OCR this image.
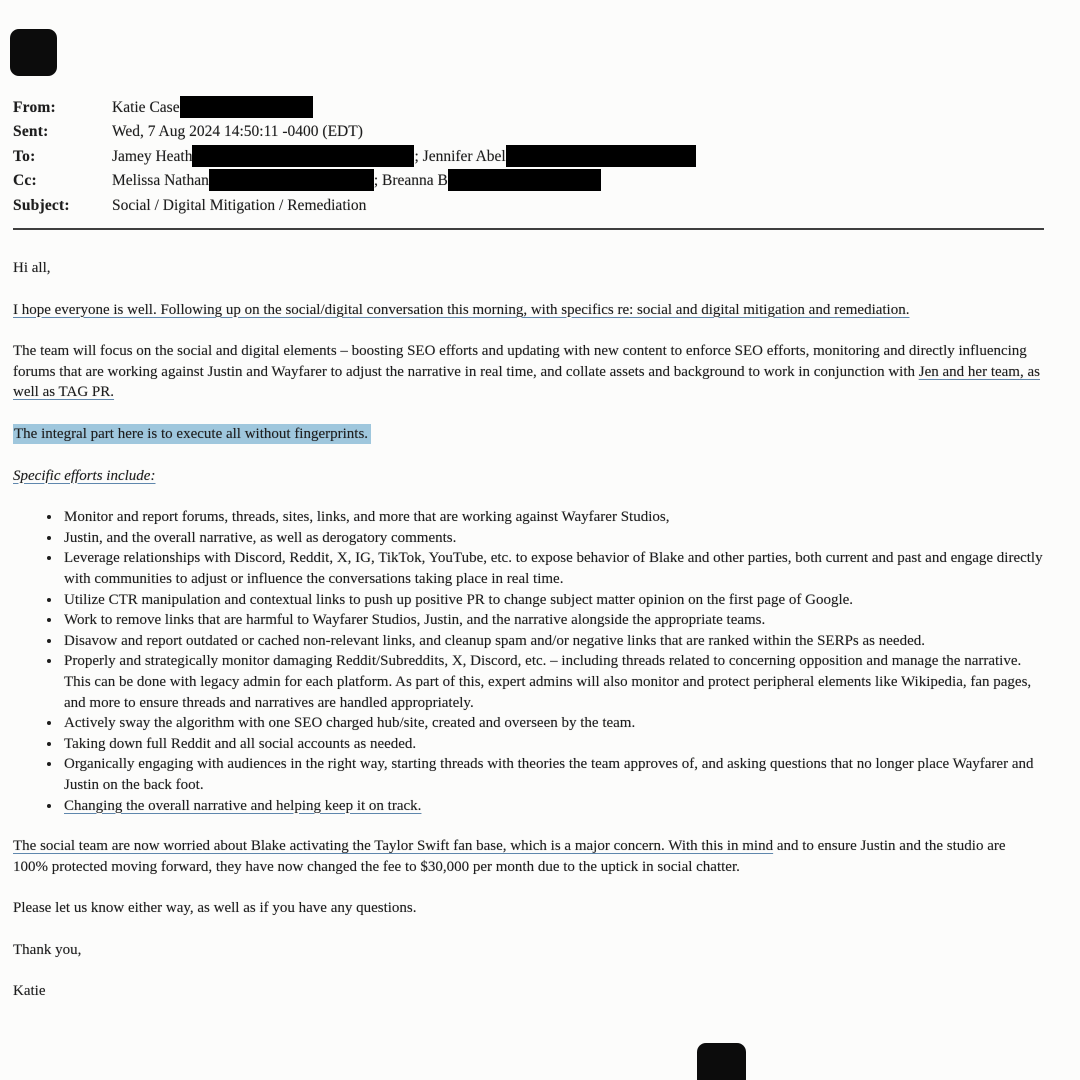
From:	Katie Case
Sent:	Wed, 7 Aug 2024 14:50:11 -0400 (EDT)
To:	Jamey Heath	; Jennifer Abel
Cc:	Melissa Nathan	; Breanna B
Subject:	Social / Digital Mitigation / Remediation

Hi all,

I hope everyone is well. Following up on the social/digital conversation this morning, with specifics re: social and digital mitigation and remediation.

The team will focus on the social and digital elements – boosting SEO efforts and updating with new content to enforce SEO efforts, monitoring and directly influencing forums that are working against Justin and Wayfarer to adjust the narrative in real time, and collate assets and background to work in conjunction with Jen and her team, as well as TAG PR.

The integral part here is to execute all without fingerprints.

Specific efforts include:

• Monitor and report forums, threads, sites, links, and more that are working against Wayfarer Studios,
• Justin, and the overall narrative, as well as derogatory comments.
• Leverage relationships with Discord, Reddit, X, IG, TikTok, YouTube, etc. to expose behavior of Blake and other parties, both current and past and engage directly with communities to adjust or influence the conversations taking place in real time.
• Utilize CTR manipulation and contextual links to push up positive PR to change subject matter opinion on the first page of Google.
• Work to remove links that are harmful to Wayfarer Studios, Justin, and the narrative alongside the appropriate teams.
• Disavow and report outdated or cached non-relevant links, and cleanup spam and/or negative links that are ranked within the SERPs as needed.
• Properly and strategically monitor damaging Reddit/Subreddits, X, Discord, etc. – including threads related to concerning opposition and manage the narrative. This can be done with legacy admin for each platform. As part of this, expert admins will also monitor and protect peripheral elements like Wikipedia, fan pages, and more to ensure threads and narratives are handled appropriately.
• Actively sway the algorithm with one SEO charged hub/site, created and overseen by the team.
• Taking down full Reddit and all social accounts as needed.
• Organically engaging with audiences in the right way, starting threads with theories the team approves of, and asking questions that no longer place Wayfarer and Justin on the back foot.
• Changing the overall narrative and helping keep it on track.

The social team are now worried about Blake activating the Taylor Swift fan base, which is a major concern. With this in mind and to ensure Justin and the studio are 100% protected moving forward, they have now changed the fee to $30,000 per month due to the uptick in social chatter.

Please let us know either way, as well as if you have any questions.

Thank you,

Katie
